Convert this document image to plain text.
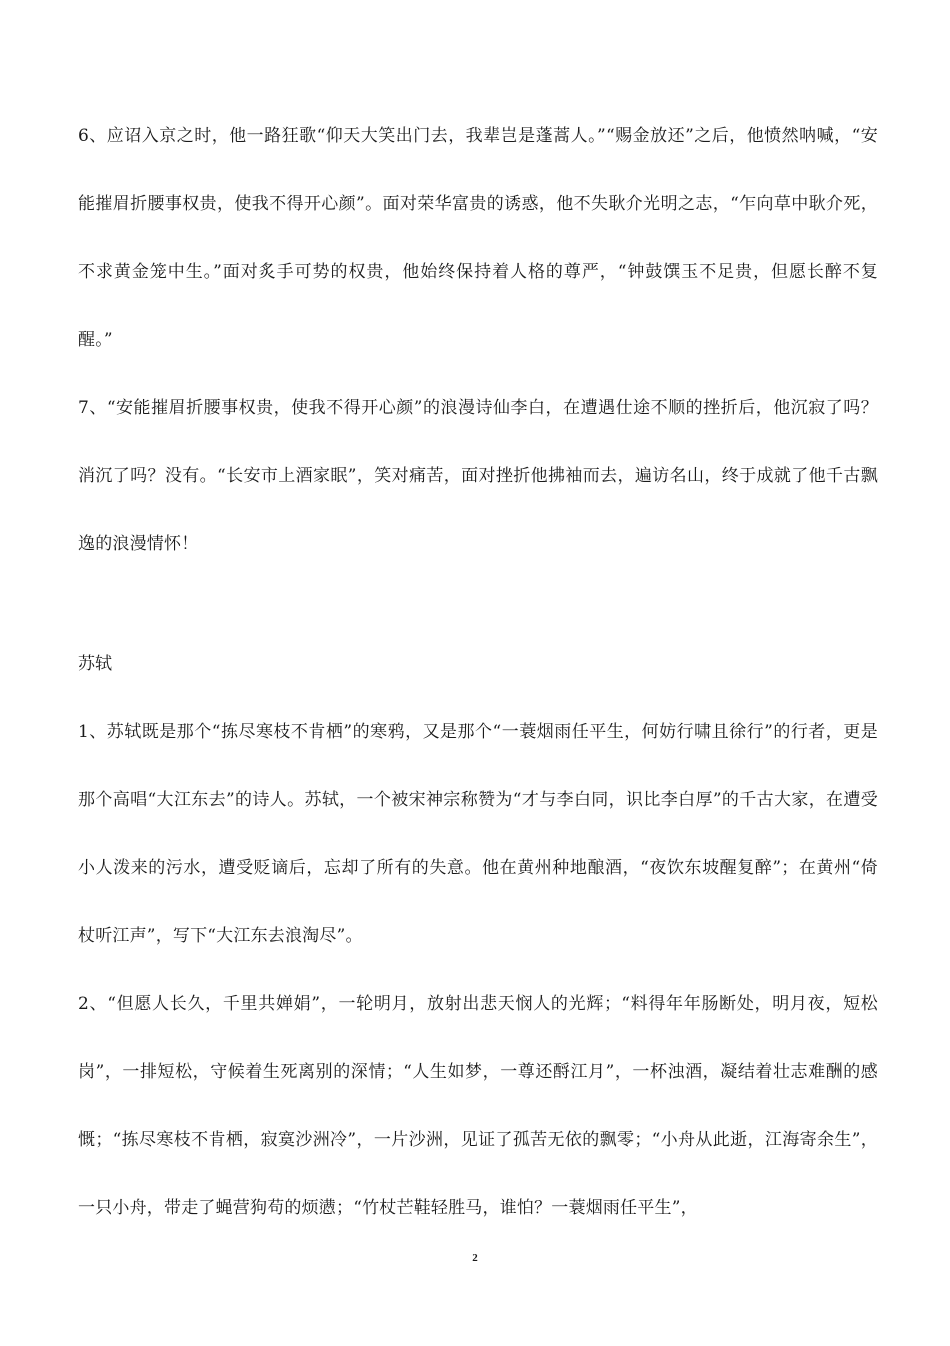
6、应诏入京之时，他一路狂歌“仰天大笑出门去，我辈岂是蓬蒿人。”“赐金放还”之后，他愤然呐喊，“安能摧眉折腰事权贵，使我不得开心颜”。面对荣华富贵的诱惑，他不失耿介光明之志，“乍向草中耿介死，不求黄金笼中生。”面对炙手可势的权贵，他始终保持着人格的尊严，“钟鼓馔玉不足贵，但愿长醉不复醒。”

7、“安能摧眉折腰事权贵，使我不得开心颜”的浪漫诗仙李白，在遭遇仕途不顺的挫折后，他沉寂了吗？消沉了吗？没有。“长安市上酒家眠”，笑对痛苦，面对挫折他拂袖而去，遍访名山，终于成就了他千古飘逸的浪漫情怀！

苏轼

1、苏轼既是那个“拣尽寒枝不肯栖”的寒鸦，又是那个“一蓑烟雨任平生，何妨行啸且徐行”的行者，更是那个高唱“大江东去”的诗人。苏轼，一个被宋神宗称赞为“才与李白同，识比李白厚”的千古大家，在遭受小人泼来的污水，遭受贬谪后，忘却了所有的失意。他在黄州种地酿酒，“夜饮东坡醒复醉”；在黄州“倚杖听江声”，写下“大江东去浪淘尽”。

2、“但愿人长久，千里共婵娟”，一轮明月，放射出悲天悯人的光辉；“料得年年肠断处，明月夜，短松岗”，一排短松，守候着生死离别的深情；“人生如梦，一尊还酹江月”，一杯浊酒，凝结着壮志难酬的感慨；“拣尽寒枝不肯栖，寂寞沙洲冷”，一片沙洲，见证了孤苦无依的飘零；“小舟从此逝，江海寄余生”，一只小舟，带走了蝇营狗苟的烦懑；“竹杖芒鞋轻胜马，谁怕？一蓑烟雨任平生”，

2
